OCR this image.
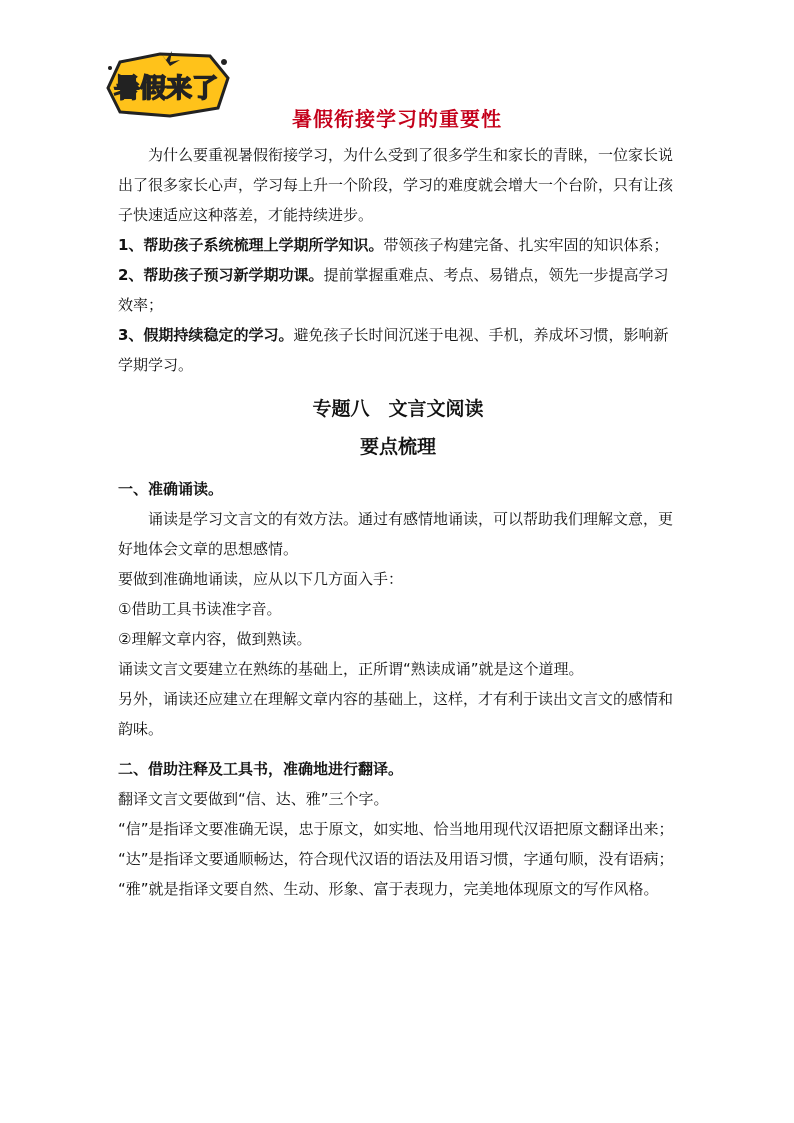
暑假来了
暑假衔接学习的重要性

为什么要重视暑假衔接学习，为什么受到了很多学生和家长的青睐，一位家长说出了很多家长心声，学习每上升一个阶段，学习的难度就会增大一个台阶，只有让孩子快速适应这种落差，才能持续进步。

1、帮助孩子系统梳理上学期所学知识。带领孩子构建完备、扎实牢固的知识体系；

2、帮助孩子预习新学期功课。提前掌握重难点、考点、易错点，领先一步提高学习效率；

3、假期持续稳定的学习。避免孩子长时间沉迷于电视、手机，养成坏习惯，影响新学期学习。

专题八　文言文阅读

要点梳理

一、准确诵读。

诵读是学习文言文的有效方法。通过有感情地诵读，可以帮助我们理解文意，更好地体会文章的思想感情。

要做到准确地诵读，应从以下几方面入手：

①借助工具书读准字音。

②理解文章内容，做到熟读。

诵读文言文要建立在熟练的基础上，正所谓“熟读成诵”就是这个道理。

另外，诵读还应建立在理解文章内容的基础上，这样，才有利于读出文言文的感情和韵味。

二、借助注释及工具书，准确地进行翻译。

翻译文言文要做到“信、达、雅”三个字。

“信”是指译文要准确无误，忠于原文，如实地、恰当地用现代汉语把原文翻译出来；

“达”是指译文要通顺畅达，符合现代汉语的语法及用语习惯，字通句顺，没有语病；

“雅”就是指译文要自然、生动、形象、富于表现力，完美地体现原文的写作风格。
